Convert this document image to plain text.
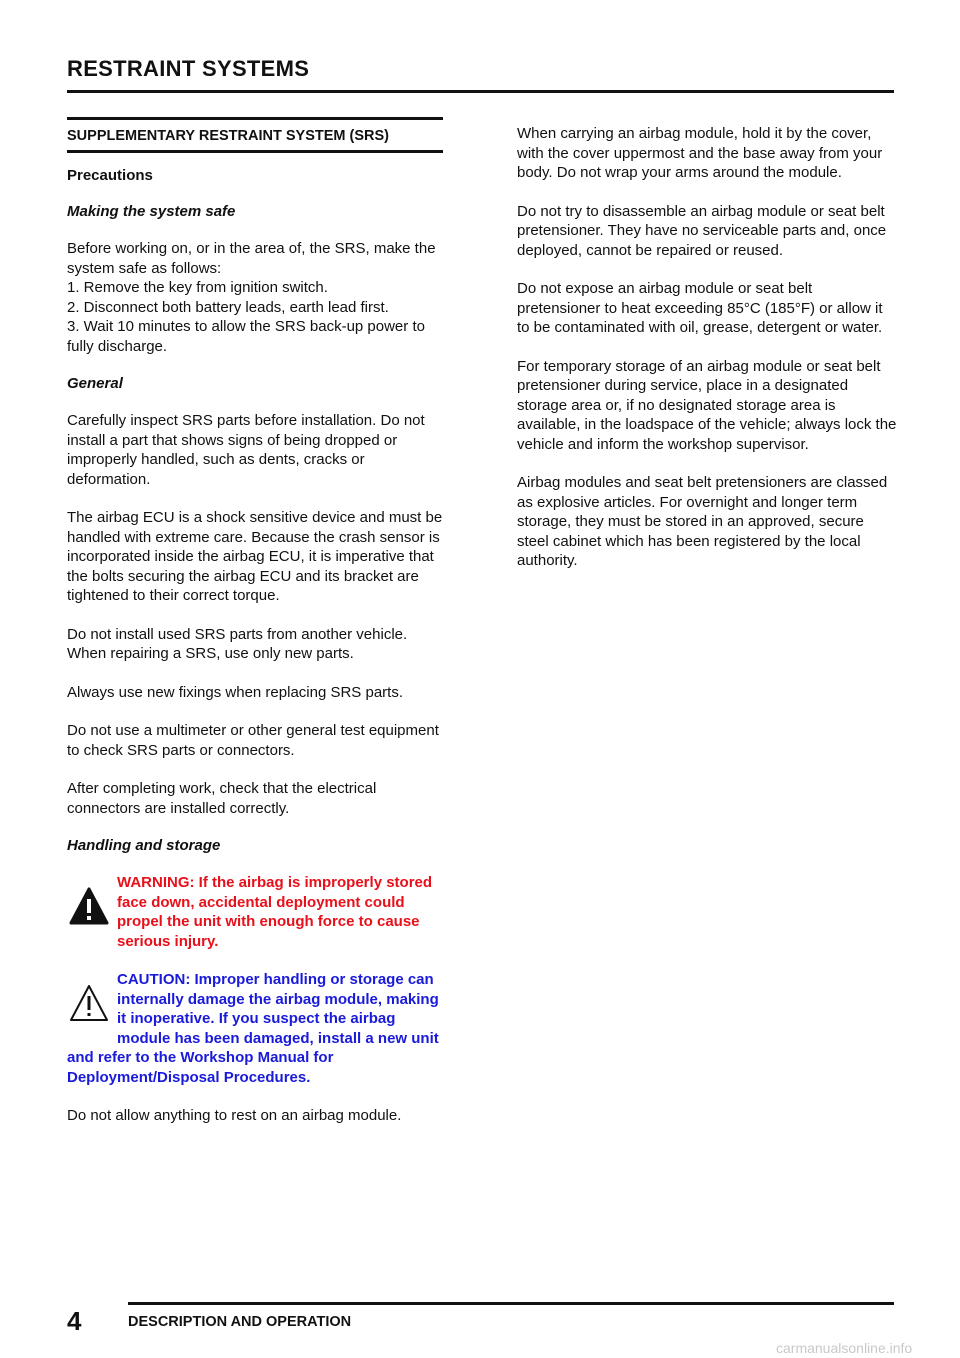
RESTRAINT SYSTEMS
SUPPLEMENTARY RESTRAINT SYSTEM (SRS)
Precautions
Making the system safe
Before working on, or in the area of, the SRS, make the system safe as follows:
1. Remove the key from ignition switch.
2. Disconnect both battery leads, earth lead first.
3. Wait 10 minutes to allow the SRS back-up power to fully discharge.
General

Carefully inspect SRS parts before installation. Do not install a part that shows signs of being dropped or improperly handled, such as dents, cracks or deformation.

The airbag ECU is a shock sensitive device and must be handled with extreme care. Because the crash sensor is incorporated inside the airbag ECU, it is imperative that the bolts securing the airbag ECU and its bracket are tightened to their correct torque.

Do not install used SRS parts from another vehicle. When repairing a SRS, use only new parts.

Always use new fixings when replacing SRS parts.

Do not use a multimeter or other general test equipment to check SRS parts or connectors.

After completing work, check that the electrical connectors are installed correctly.

Handling and storage
WARNING: If the airbag is improperly stored face down, accidental deployment could propel the unit with enough force to cause serious injury.
CAUTION: Improper handling or storage can internally damage the airbag module, making it inoperative. If you suspect the airbag module has been damaged, install a new unit and refer to the Workshop Manual for Deployment/Disposal Procedures.

Do not allow anything to rest on an airbag module.

When carrying an airbag module, hold it by the cover, with the cover uppermost and the base away from your body. Do not wrap your arms around the module.

Do not try to disassemble an airbag module or seat belt pretensioner. They have no serviceable parts and, once deployed, cannot be repaired or reused.

Do not expose an airbag module or seat belt pretensioner to heat exceeding 85°C (185°F) or allow it to be contaminated with oil, grease, detergent or water.

For temporary storage of an airbag module or seat belt pretensioner during service, place in a designated storage area or, if no designated storage area is available, in the loadspace of the vehicle; always lock the vehicle and inform the workshop supervisor.

Airbag modules and seat belt pretensioners are classed as explosive articles. For overnight and longer term storage, they must be stored in an approved, secure steel cabinet which has been registered by the local authority.

4	DESCRIPTION AND OPERATION
carmanualsonline.info
